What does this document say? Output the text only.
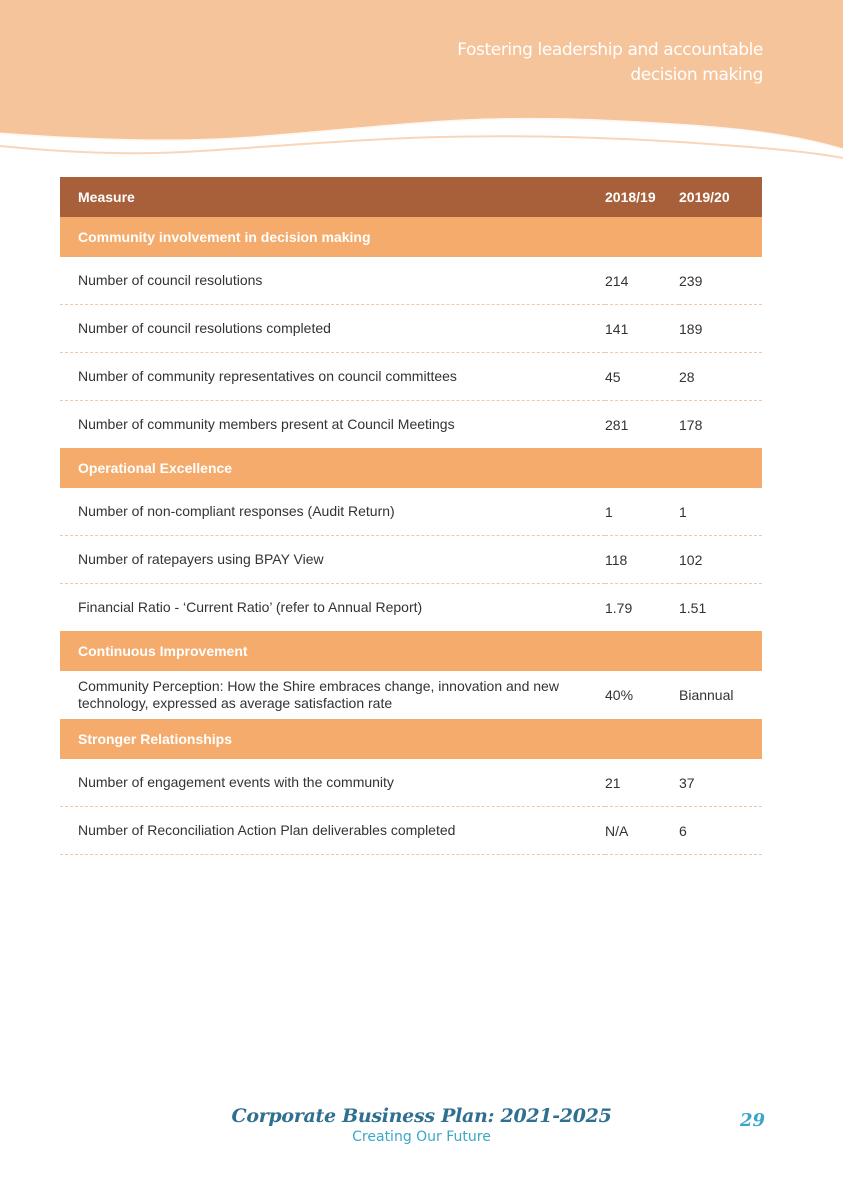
Fostering leadership and accountable decision making
Measure	2018/19	2019/20
Community involvement in decision making		
Number of council resolutions	214	239
Number of council resolutions completed	141	189
Number of community representatives on council committees	45	28
Number of community members present at Council Meetings	281	178
Operational Excellence		
Number of non-compliant responses (Audit Return)	1	1
Number of ratepayers using BPAY View	118	102
Financial Ratio - ‘Current Ratio’ (refer to Annual Report)	1.79	1.51
Continuous Improvement		
Community Perception: How the Shire embraces change, innovation and new technology, expressed as average satisfaction rate	40%	Biannual
Stronger Relationships		
Number of engagement events with the community	21	37
Number of Reconciliation Action Plan deliverables completed	N/A	6
Corporate Business Plan: 2021-2025
Creating Our Future
29
